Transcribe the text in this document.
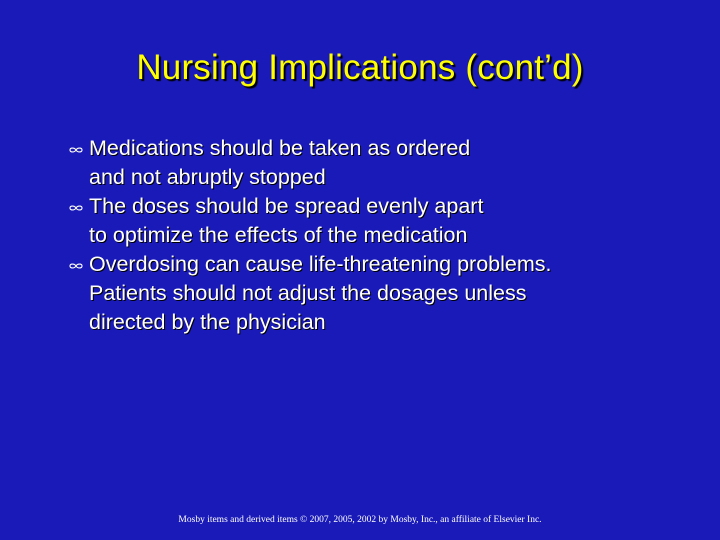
Nursing Implications (cont’d)
Medications should be taken as ordered
and not abruptly stopped
The doses should be spread evenly apart
to optimize the effects of the medication
Overdosing can cause life-threatening problems.
Patients should not adjust the dosages unless
directed by the physician
Mosby items and derived items © 2007, 2005, 2002 by Mosby, Inc., an affiliate of Elsevier Inc.
